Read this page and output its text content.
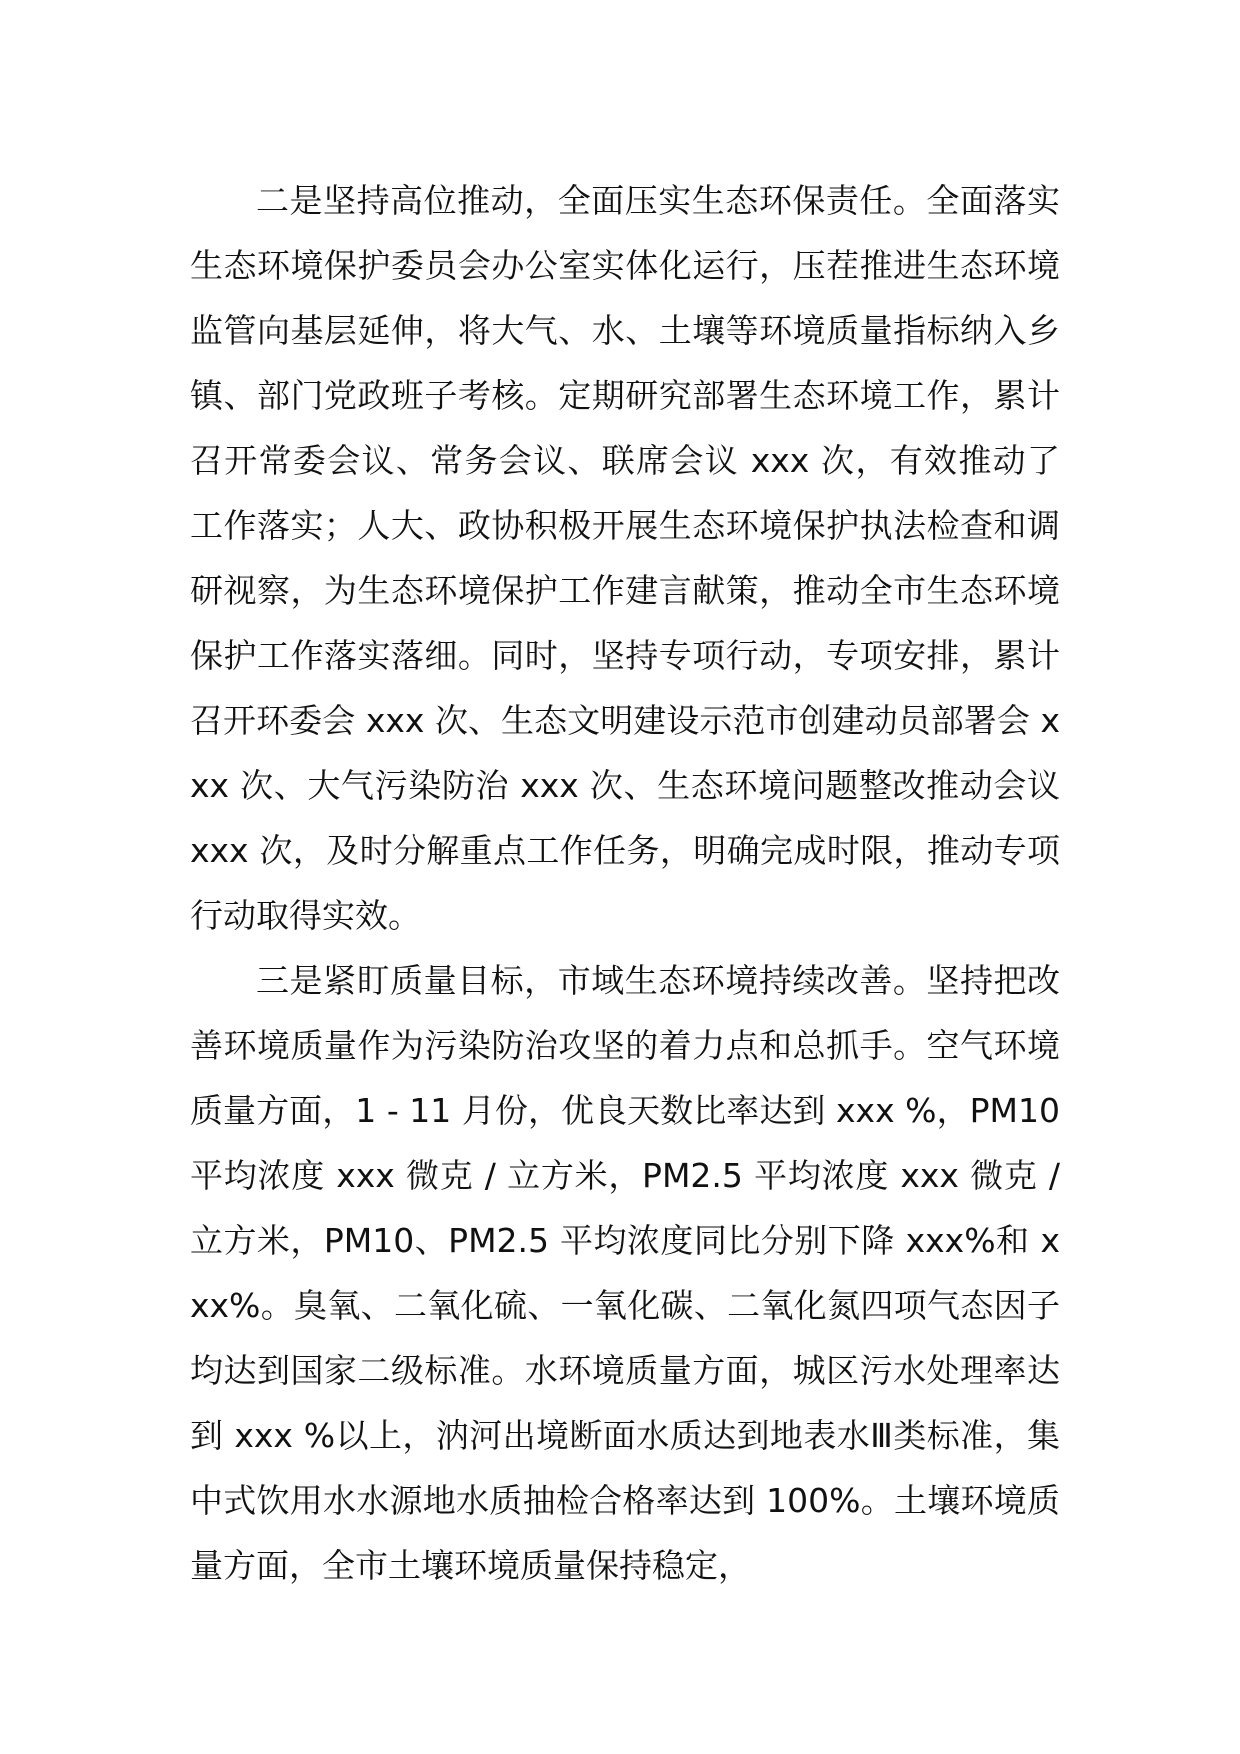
二是坚持高位推动，全面压实生态环保责任。全面落实生态环境保护委员会办公室实体化运行，压茬推进生态环境监管向基层延伸，将大气、水、土壤等环境质量指标纳入乡镇、部门党政班子考核。定期研究部署生态环境工作，累计召开常委会议、常务会议、联席会议 xxx 次，有效推动了工作落实；人大、政协积极开展生态环境保护执法检查和调研视察，为生态环境保护工作建言献策，推动全市生态环境保护工作落实落细。同时，坚持专项行动，专项安排，累计召开环委会 xxx 次、生态文明建设示范市创建动员部署会 xxx 次、大气污染防治 xxx 次、生态环境问题整改推动会议 xxx 次，及时分解重点工作任务，明确完成时限，推动专项行动取得实效。

三是紧盯质量目标，市域生态环境持续改善。坚持把改善环境质量作为污染防治攻坚的着力点和总抓手。空气环境质量方面，1 - 11 月份，优良天数比率达到 xxx %，PM10 平均浓度 xxx 微克 / 立方米，PM2.5 平均浓度 xxx 微克 / 立方米，PM10、PM2.5 平均浓度同比分别下降 xxx%和 xxx%。臭氧、二氧化硫、一氧化碳、二氧化氮四项气态因子均达到国家二级标准。水环境质量方面，城区污水处理率达到 xxx %以上，汭河出境断面水质达到地表水Ⅲ类标准，集中式饮用水水源地水质抽检合格率达到 100%。土壤环境质量方面，全市土壤环境质量保持稳定，
